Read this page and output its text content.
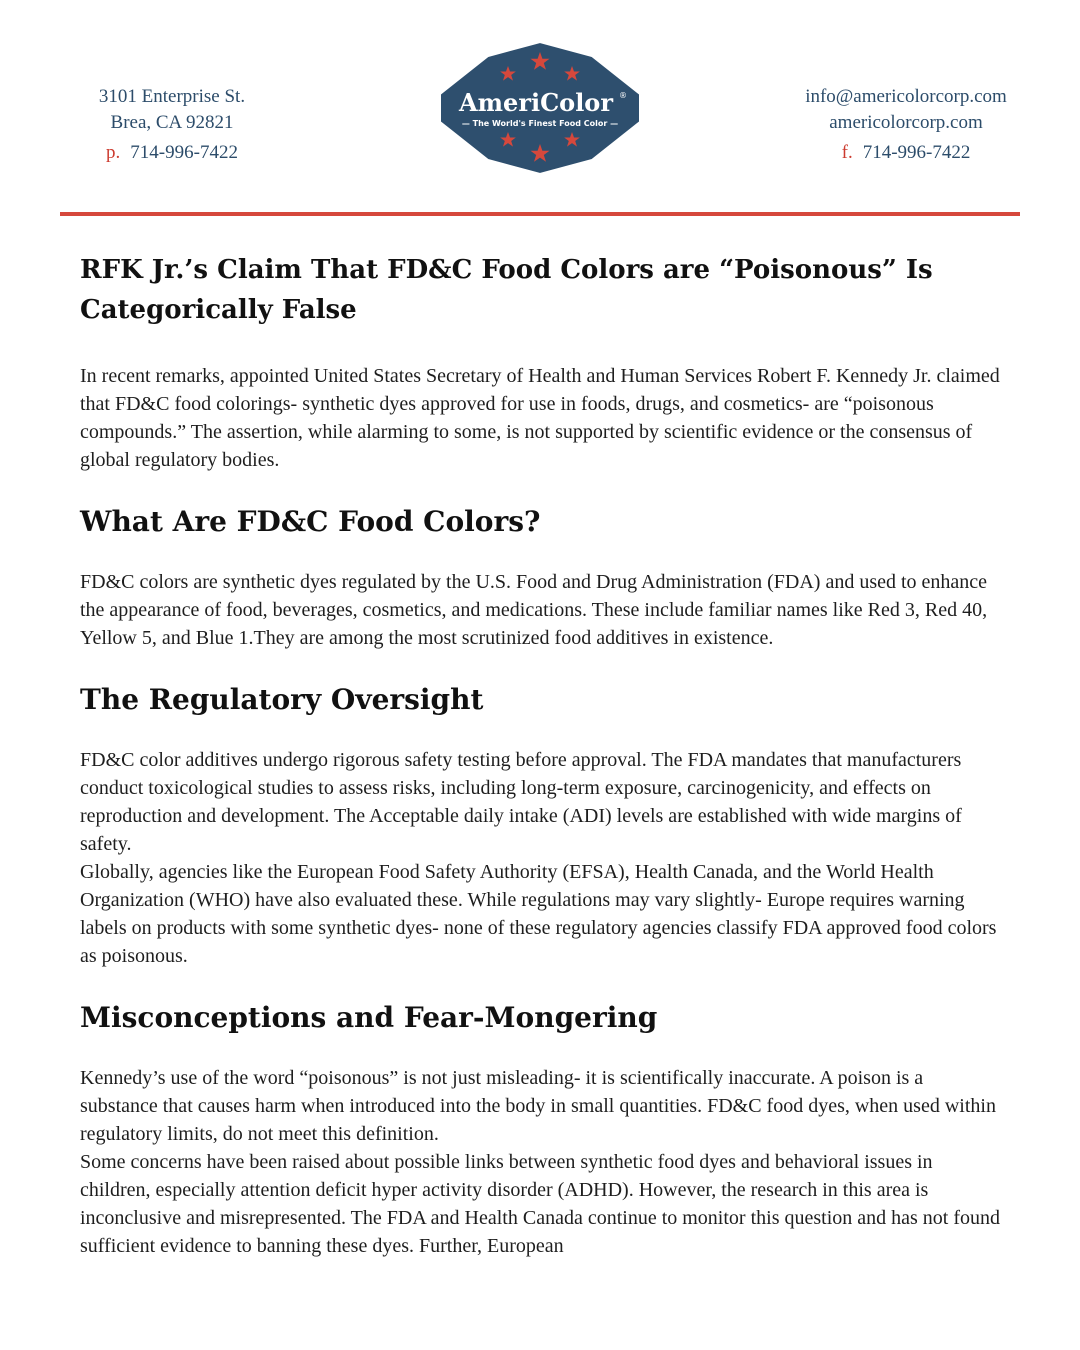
3101 Enterprise St.
Brea, CA 92821
p. 714-996-7422
AmeriColor ®
— The World's Finest Food Color —
info@americolorcorp.com
americolorcorp.com
f. 714-996-7422
RFK Jr.’s Claim That FD&C Food Colors are “Poisonous” Is Categorically False

In recent remarks, appointed United States Secretary of Health and Human Services Robert F. Kennedy Jr. claimed that FD&C food colorings- synthetic dyes approved for use in foods, drugs, and cosmetics- are “poisonous compounds.” The assertion, while alarming to some, is not supported by scientific evidence or the consensus of global regulatory bodies.

What Are FD&C Food Colors?

FD&C colors are synthetic dyes regulated by the U.S. Food and Drug Administration (FDA) and used to enhance the appearance of food, beverages, cosmetics, and medications. These include familiar names like Red 3, Red 40, Yellow 5, and Blue 1.They are among the most scrutinized food additives in existence.

The Regulatory Oversight

FD&C color additives undergo rigorous safety testing before approval. The FDA mandates that manufacturers conduct toxicological studies to assess risks, including long-term exposure, carcinogenicity, and effects on reproduction and development. The Acceptable daily intake (ADI) levels are established with wide margins of safety.

Globally, agencies like the European Food Safety Authority (EFSA), Health Canada, and the World Health Organization (WHO) have also evaluated these. While regulations may vary slightly- Europe requires warning labels on products with some synthetic dyes- none of these regulatory agencies classify FDA approved food colors as poisonous.

Misconceptions and Fear-Mongering

Kennedy’s use of the word “poisonous” is not just misleading- it is scientifically inaccurate. A poison is a substance that causes harm when introduced into the body in small quantities. FD&C food dyes, when used within regulatory limits, do not meet this definition.

Some concerns have been raised about possible links between synthetic food dyes and behavioral issues in children, especially attention deficit hyper activity disorder (ADHD). However, the research in this area is inconclusive and misrepresented. The FDA and Health Canada continue to monitor this question and has not found sufficient evidence to banning these dyes. Further, European
